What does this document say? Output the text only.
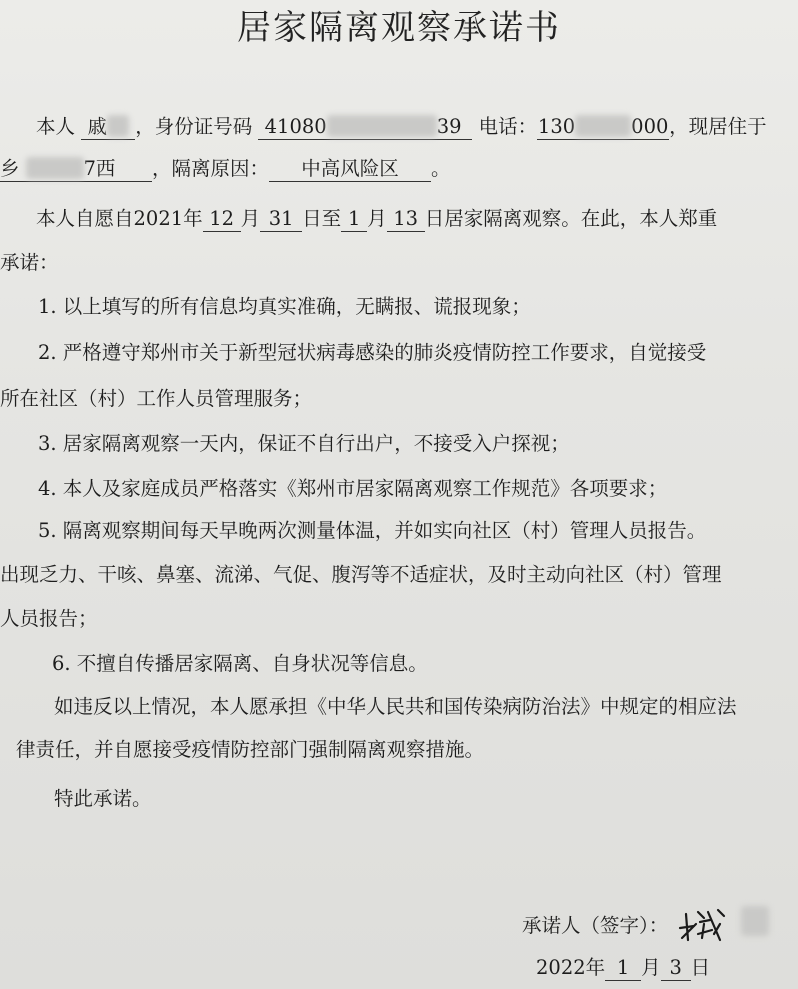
居家隔离观察承诺书
本人 戚 ，身份证号码 41080	39 电话：130	000，现居住于
乡	7西 ，隔离原因： 中高风险区 。
本人自愿自2021年 12 月 31 日至 1 月 13 日居家隔离观察。在此，本人郑重
承诺：
1. 以上填写的所有信息均真实准确，无瞒报、谎报现象；
2. 严格遵守郑州市关于新型冠状病毒感染的肺炎疫情防控工作要求，自觉接受
所在社区（村）工作人员管理服务；
3. 居家隔离观察一天内，保证不自行出户，不接受入户探视；
4. 本人及家庭成员严格落实《郑州市居家隔离观察工作规范》各项要求；
5. 隔离观察期间每天早晚两次测量体温，并如实向社区（村）管理人员报告。
出现乏力、干咳、鼻塞、流涕、气促、腹泻等不适症状，及时主动向社区（村）管理
人员报告；
6. 不擅自传播居家隔离、自身状况等信息。
如违反以上情况，本人愿承担《中华人民共和国传染病防治法》中规定的相应法
律责任，并自愿接受疫情防控部门强制隔离观察措施。
特此承诺。
承诺人（签字）：
2022年 1 月 3 日
